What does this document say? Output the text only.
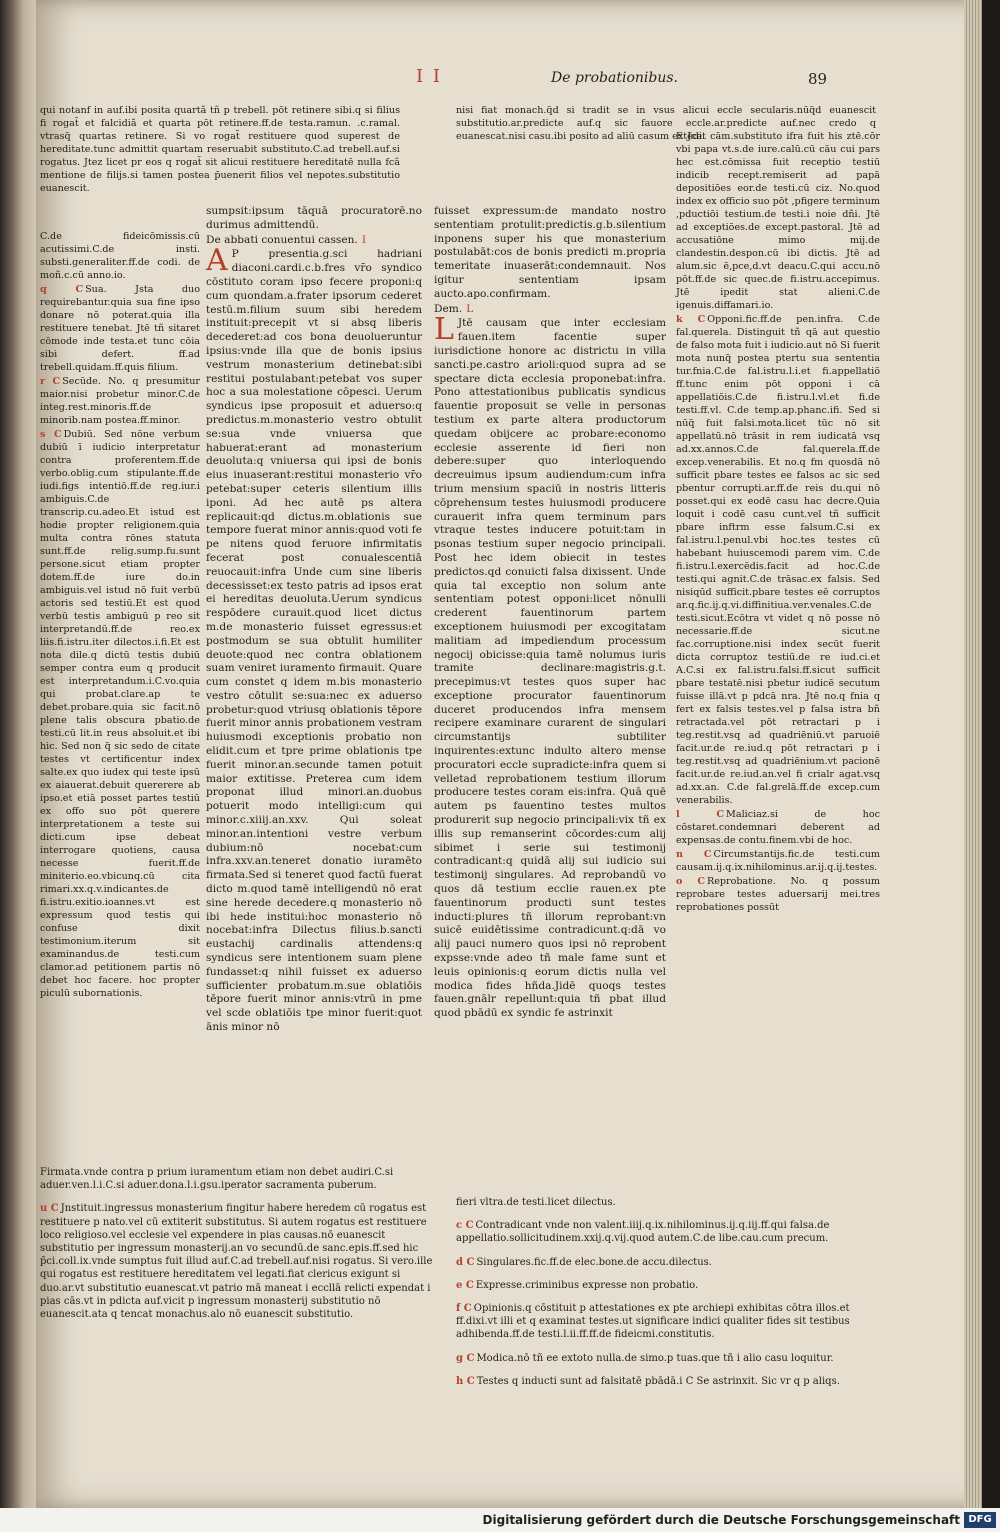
I I	De probationibus.	89

qui notanf in auf.ibi posita quartã tñ p trebell. pōt retinere sibi.q si filius fi rogat̃ et falcidiã et quarta pōt retinere.ff.de testa.ramun. .c.ramal. vtrasq̃ quartas retinere. Si vo rogat̃ restituere quod superest de hereditate.tunc admittit quartam reseruabit substituto.C.ad trebell.auf.si rogatus. Jtez licet pr eos q rogat̃ sit alicui restituere hereditatē nulla fcã mentione de filijs.si tamen postea p̄uenerit filios vel nepotes.substitutio euanescit.

nisi fiat monach.q̃d si tradit se in vsus alicui eccle secularis.nūq̃d euanescit substitutio.ar.predicte auf.q sic fauore eccle.ar.predicte auf.nec credo q euanescat.nisi casu.ibi posito ad aliū casum extēdi.

C.de fideicōmissis.cū acutissimi.C.de insti. substi.generaliter.ff.de codi. de moñ.c.cū anno.io.

q C Sua. Jsta duo requirebantur.quia sua fine ipso donare nō poterat.quia illa restituere tenebat. Jtē tñ sitaret cōmode inde testa.et tunc cōia sibi defert. ff.ad trebell.quidam.ff.quis filium.

r C Secūde. No. q presumitur maior.nisi probetur minor.C.de integ.rest.minoris.ff.de minorib.nam postea.ff.minor.

s C Dubiū. Sed nōne verbum dubiū ī iudicio interpretatur contra proferentem.ff.de verbo.oblig.cum stipulante.ff.de iudi.figs intentiō.ff.de reg.iur.i ambiguis.C.de transcrip.cu.adeo.Et istud est hodie propter religionem.quia multa contra rōnes statuta sunt.ff.de relig.sump.fu.sunt persone.sicut etiam propter dotem.ff.de iure do.in ambiguis.vel istud nō fuit verbū actoris sed testiū.Et est quod verbū testis ambiguū p reo sit interpretandū.ff.de reo.ex liis.fi.istru.iter dilectos.i.fi.Et est nota dile.q dictū testis dubiū semper contra eum q producit est interpretandum.i.C.vo.quia qui probat.clare.ap te debet.probare.quia sic facit.nō plene talis obscura pbatio.de testi.cū lit.in reus absoluit.et ibi hic. Sed non q̃ sic sedo de citate testes vt certificentur index salte.ex quo iudex qui teste ipsū ex aiauerat.debuit quererere ab ipso.et etiā posset partes testiū ex offo suo pōt querere interpretationem a teste sui dicti.cum ipse debeat interrogare quotiens, causa necesse fuerit.ff.de miniterio.eo.vbicunq.cū cita rimari.xx.q.v.indicantes.de fi.istru.exitio.ioannes.vt est expressum quod testis qui confuse dixit testimonium.iterum sit examinandus.de testi.cum clamor.ad petitionem partis nō debet hoc facere. hoc propter piculū subornationis.

sumpsit:ipsum tāquā procuratorē.no durimus admittendū.

De abbati conuentui cassen. I

A P presentia.g.sci hadriani diaconi.cardi.c.b.fres vr̄o syndico cōstituto coram ipso fecere proponi:q cum quondam.a.frater ipsorum cederet testū.m.filium suum sibi heredem instituit:precepit vt si absq liberis decederet:ad cos bona deuolueruntur ipsius:vnde illa que de bonis ipsius vestrum monasterium detinebat:sibi restitui postulabant:petebat vos super hoc a sua molestatione cōpesci. Uerum syndicus ipse proposuit et aduerso:q predictus.m.monasterio vestro obtulit se:sua vnde vniuersa que habuerat:erant ad monasterium deuoluta:q vniuersa qui ipsi de bonis eius inuaserant:restitui monasterio vr̄o petebat:super ceteris silentium illis iponi. Ad hec autē ps altera replicauit:qd dictus.m.oblationis sue tempore fuerat minor annis:quod voti fe pe nitens quod feruore infirmitatis fecerat post conualescentiā reuocauit:infra Unde cum sine liberis decessisset:ex testo patris ad ipsos erat ei hereditas deuoluta.Uerum syndicus respōdere curauit.quod licet dictus m.de monasterio fuisset egressus:et postmodum se sua obtulit humiliter deuote:quod nec contra oblationem suam veniret iuramento firmauit. Quare cum constet q idem m.bis monasterio vestro cōtulit se:sua:nec ex aduerso probetur:quod vtriusq oblationis tēpore fuerit minor annis probationem vestram huiusmodi exceptionis probatio non elidit.cum et tpre prime oblationis tpe fuerit minor.an.secunde tamen potuit maior extitisse. Preterea cum idem proponat illud minori.an.duobus potuerit modo intelligi:cum qui minor.c.xiiij.an.xxv. Qui soleat minor.an.intentioni vestre verbum dubium:nō nocebat:cum infra.xxv.an.teneret donatio iuramēto firmata.Sed si teneret quod factū fuerat dicto m.quod tamē intelligendū nō erat sine herede decedere.q monasterio nō ibi hede institui:hoc monasterio nō nocebat:infra Dilectus filius.b.sancti eustachij cardinalis attendens:q syndicus sere intentionem suam plene fundasset:q nihil fuisset ex aduerso sufficienter probatum.m.sue oblatiōis tēpore fuerit minor annis:vtrū in pme vel scde oblatiōis tpe minor fuerit:quot ānis minor nō

fuisset expressum:de mandato nostro sententiam protulit:predictis.g.b.silentium inponens super his que monasterium postulabāt:cos de bonis predicti m.propria temeritate inuaserāt:condemnauit. Nos igitur sententiam ipsam aucto.apo.confirmam.

Dem. L

L Jtē causam que inter ecclesiam fauen.item facentie super iurisdictione honore ac districtu in villa sancti.pe.castro arioli:quod supra ad se spectare dicta ecclesia proponebat:infra. Pono attestationibus publicatis syndicus fauentie proposuit se velle in personas testium ex parte altera productorum quedam obijcere ac probare:economo ecclesie asserente id fieri non debere:super quo interloquendo decreuimus ipsum audiendum:cum infra trium mensium spaciū in nostris litteris cōprehensum testes huiusmodi producere curauerit infra quem terminum pars vtraque testes inducere potuit:tam in psonas testium super negocio principali. Post hec idem obiecit in testes predictos.qd conuicti falsa dixissent. Unde quia tal exceptio non solum ante sententiam potest opponi:licet nōnulli crederent fauentinorum partem exceptionem huiusmodi per excogitatam malitiam ad impediendum processum negocij obicisse:quia tamē nolumus iuris tramite declinare:magistris.g.t. precepimus:vt testes quos super hac exceptione procurator fauentinorum duceret producendos infra mensem recipere examinare curarent de singulari circumstantijs subtiliter inquirentes:extunc indulto altero mense procuratori eccle supradicte:infra quem si velletad reprobationem testium illorum producere testes coram eis:infra. Quā quē autem ps fauentino testes multos produrerit sup negocio principali:vix tñ ex illis sup remanserint cōcordes:cum alij sibimet i serie sui testimonij contradicant:q quidā alij sui iudicio sui testimonij singulares. Ad reprobandū vo quos dā testium ecclie rauen.ex pte fauentinorum producti sunt testes inducti:plures tñ illorum reprobant:vn suicē euidētissime contradicunt.q:dā vo alij pauci numero quos ipsi nō reprobent expsse:vnde adeo tñ male fame sunt et leuis opinionis:q eorum dictis nulla vel modica fides hñda.Jidē quoqs testes fauen.gnālr repellunt:quia tñ pbat illud quod pbādū ex syndic fe astrinxit

E Jcet cām.substituto ifra fuit his ztē.cōr vbi papa vt.s.de iure.calū.cū cāu cui pars hec est.cōmissa fuit receptio testiū indicib recept.remiserit ad papā depositiōes eor.de testi.cū ciz. No.quod index ex officio suo pōt ,pfigere terminum ,pductiōi testium.de testi.i noie dñi. Jtē ad exceptiōes.de except.pastoral. Jtē ad accusatiōne mimo mij.de clandestin.despon.cū ibi dictis. Jtē ad alum.sic ē,pce,d.vt deacu.C.qui accu.nō pōt.ff.de sic quec.de fi.istru.accepimus. Jtē ipedit stat alieni.C.de igenuis.diffamari.io.

k C Opponi.fic.ff.de pen.infra. C.de fal.querela. Distinguit tñ qā aut questio de falso mota fuit i iudicio.aut nō Si fuerit mota nunq̃ postea ptertu sua sententia tur.fnia.C.de fal.istru.l.i.et fi.appellatiō ff.tunc enim pōt opponi i cā appellatiōis.C.de fi.istru.l.vl.et fi.de testi.ff.vl. C.de temp.ap.phanc.ifi. Sed si nūq̃ fuit falsi.mota.licet tūc nō sit appellatū.nō trāsit in rem iudicatā vsq ad.xx.annos.C.de fal.querela.ff.de excep.venerabilis. Et no.q fm quosdā nō sufficit pbare testes ee falsos ac sic sed pbentur corrupti.ar.ff.de reis du.qui nō posset.qui ex eodē casu hac decre.Quia loquit i codē casu cunt.vel tñ sufficit pbare inftrm esse falsum.C.si ex fal.istru.l.penul.vbi hoc.tes testes cū habebant huiuscemodi parem vim. C.de fi.istru.l.exercēdis.facit ad hoc.C.de testi.qui agnit.C.de trāsac.ex falsis. Sed nisiqūd sufficit.pbare testes eē corruptos ar.q.fic.ij.q.vi.diffinitiua.ver.venales.C.de testi.sicut.Ecōtra vt videt q nō posse nō necessarie.ff.de sicut.ne fac.corruptione.nisi index secūt fuerit dicta corruptoz testiū.de re iud.ci.et A.C.si ex fal.istru.falsi.ff.sicut sufficit pbare testatē.nisi pbetur iudicē secutum fuisse illā.vt p pdcā nra. Jtē no.q fnia q fert ex falsis testes.vel p falsa istra bñ retractada.vel pōt retractari p i teg.restit.vsq ad quadriēniū.vt paruoiē facit.ur.de re.iud.q pōt retractari p i teg.restit.vsq ad quadriēnium.vt pacionē facit.ur.de re.iud.an.vel fi crialr agat.vsq ad.xx.an. C.de fal.grelā.ff.de excep.cum venerabilis.

l C Maliciaz.si de hoc cōstaret.condemnari deberent ad expensas.de contu.finem.vbi de hoc.

n C Circumstantijs.fic.de testi.cum causam.ij.q.ix.nihilominus.ar.ij.q.ij.testes.

o C Reprobatione. No. q possum reprobare testes aduersarij mei.tres reprobationes possūt

Firmata.vnde contra p prium iuramentum etiam non debet audiri.C.si aduer.ven.l.i.C.si aduer.dona.l.i.gsu.iperator sacramenta puberum.

u C Jnstituit.ingressus monasterium fingitur habere heredem cū rogatus est restituere p nato.vel cū extiterit substitutus. Si autem rogatus est restituere loco religioso.vel ecclesie vel expendere in pias causas.nō euanescit substitutio per ingressum monasterij.an vo secundū.de sanc.epis.ff.sed hic p̄ci.coll.ix.vnde sumptus fuit illud auf.C.ad trebell.auf.nisi rogatus. Si vero.ille qui rogatus est restituere hereditatem vel legati.fiat clericus exigunt si duo.ar.vt substitutio euanescat.vt patrio mā maneat i eccllā relicti expendat i pias cās.vt in pdicta auf.vicit p ingressum monasterij substitutio nō euanescit.ata q tencat monachus.alo nō euanescit substitutio.

fieri vltra.de testi.licet dilectus.

c C Contradicant vnde non valent.iiij.q.ix.nihilominus.ij.q.iij.ff.qui falsa.de appellatio.sollicitudinem.xxij.q.vij.quod autem.C.de libe.cau.cum precum.

d C Singulares.fic.ff.de elec.bone.de accu.dilectus.

e C Expresse.criminibus expresse non probatio.

f C Opinionis.q cōstituit p attestationes ex pte archiepi exhibitas cōtra illos.et ff.dixi.vt illi et q examinat testes.ut significare indici qualiter fides sit testibus adhibenda.ff.de testi.l.ii.ff.ff.de fideicmi.constitutis.

g C Modica.nō tñ ee extoto nulla.de simo.p tuas.que tñ i alio casu loquitur.

h C Testes q inducti sunt ad falsitatē pbādā.i C Se astrinxit. Sic vr q p aliqs.

Digitalisierung gefördert durch die Deutsche Forschungsgemeinschaft DFG
